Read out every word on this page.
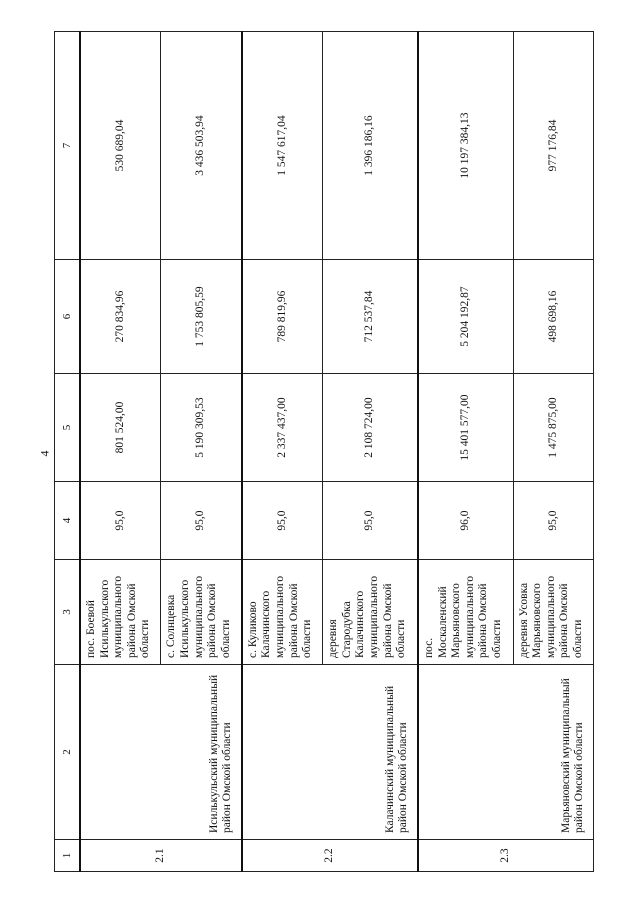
4
1	2	3	4	5	6	7
2.1	Исилькульский муниципальный район Омской области	пос. Боевой Исилькульского муниципального района Омской области	95,0	801 524,00	270 834,96	530 689,04
		с. Солнцевка Исилькульского муниципального района Омской области	95,0	5 190 309,53	1 753 805,59	3 436 503,94
2.2	Калачинский муниципальный район Омской области	с. Куликово Калачинского муниципального района Омской области	95,0	2 337 437,00	789 819,96	1 547 617,04
		деревня Стародубка Калачинского муниципального района Омской области	95,0	2 108 724,00	712 537,84	1 396 186,16
2.3	Марьяновский муниципальный район Омской области	пос. Москаленский Марьяновского муниципального района Омской области	96,0	15 401 577,00	5 204 192,87	10 197 384,13
		деревня Усовка Марьяновского муниципального района Омской области	95,0	1 475 875,00	498 698,16	977 176,84
